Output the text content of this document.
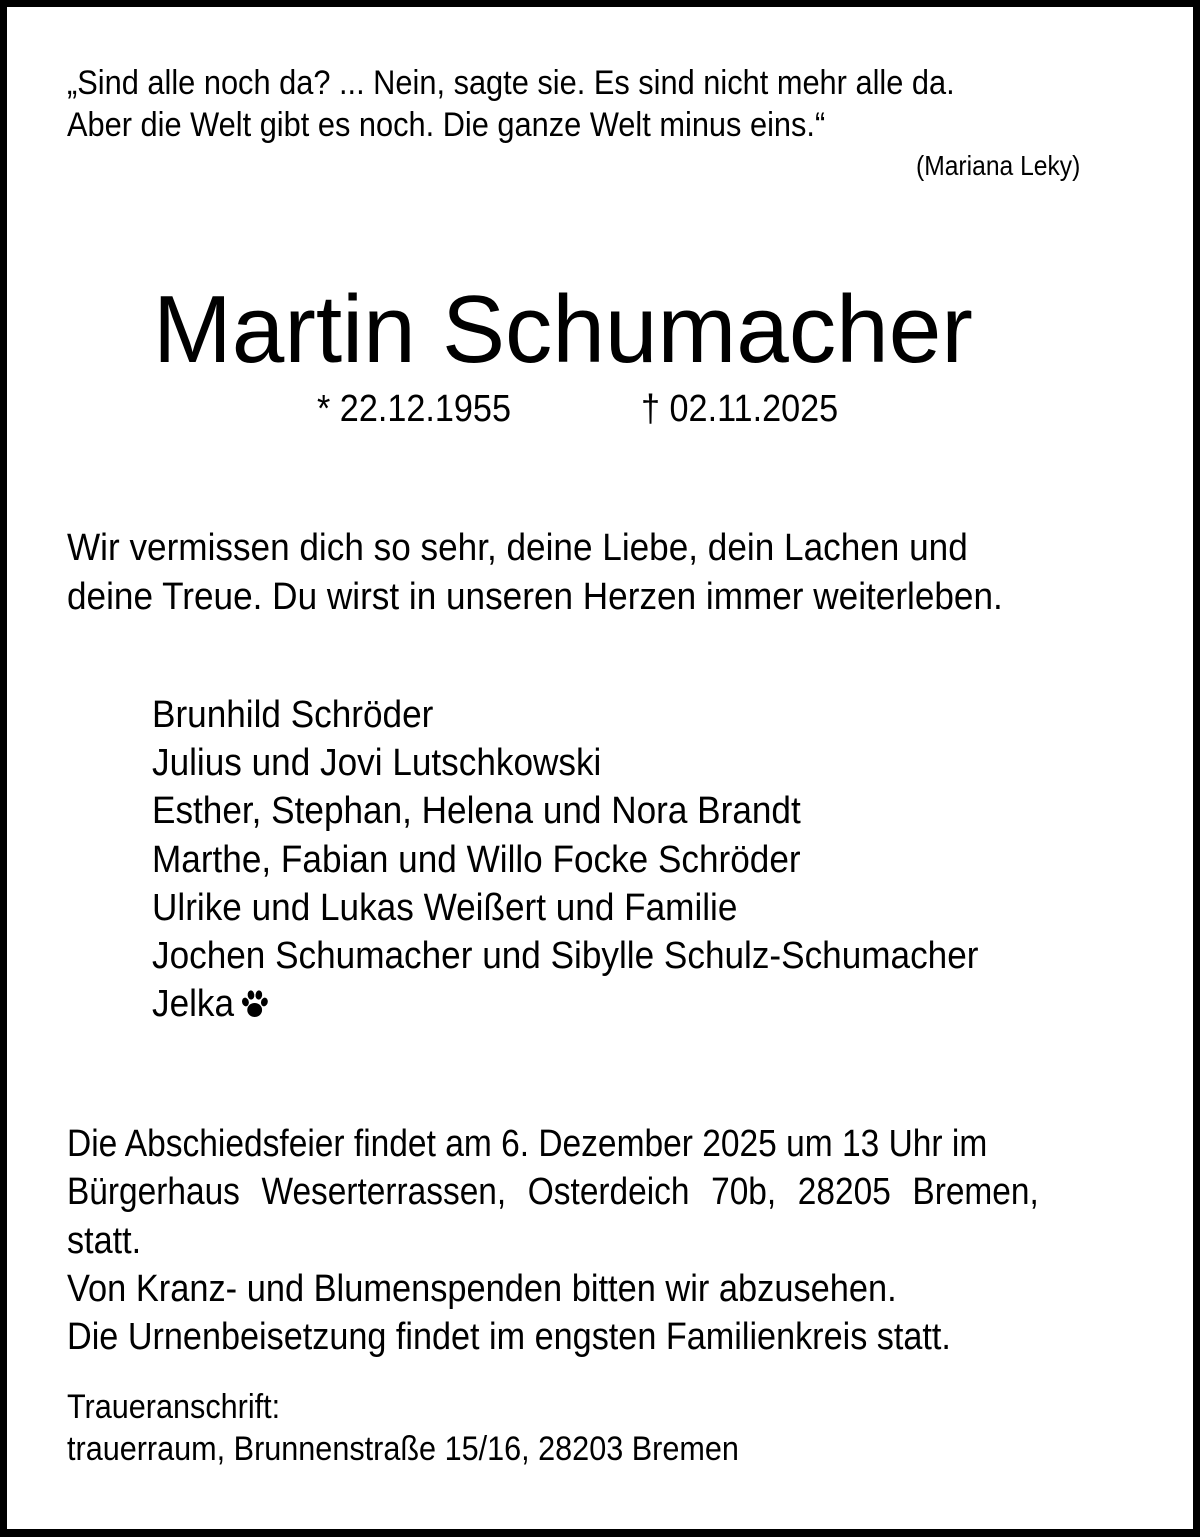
„Sind alle noch da? ... Nein, sagte sie. Es sind nicht mehr alle da.
Aber die Welt gibt es noch. Die ganze Welt minus eins.“
(Mariana Leky)
Martin Schumacher
* 22.12.1955	† 02.11.2025
Wir vermissen dich so sehr, deine Liebe, dein Lachen und
deine Treue. Du wirst in unseren Herzen immer weiterleben.
Brunhild Schröder
Julius und Jovi Lutschkowski
Esther, Stephan, Helena und Nora Brandt
Marthe, Fabian und Willo Focke Schröder
Ulrike und Lukas Weißert und Familie
Jochen Schumacher und Sibylle Schulz-Schumacher
Jelka
Die Abschiedsfeier findet am 6. Dezember 2025 um 13 Uhr im
Bürgerhaus Weserterrassen, Osterdeich 70b, 28205 Bremen,
statt.
Von Kranz- und Blumenspenden bitten wir abzusehen.
Die Urnenbeisetzung findet im engsten Familienkreis statt.
Traueranschrift:
trauerraum, Brunnenstraße 15/16, 28203 Bremen
